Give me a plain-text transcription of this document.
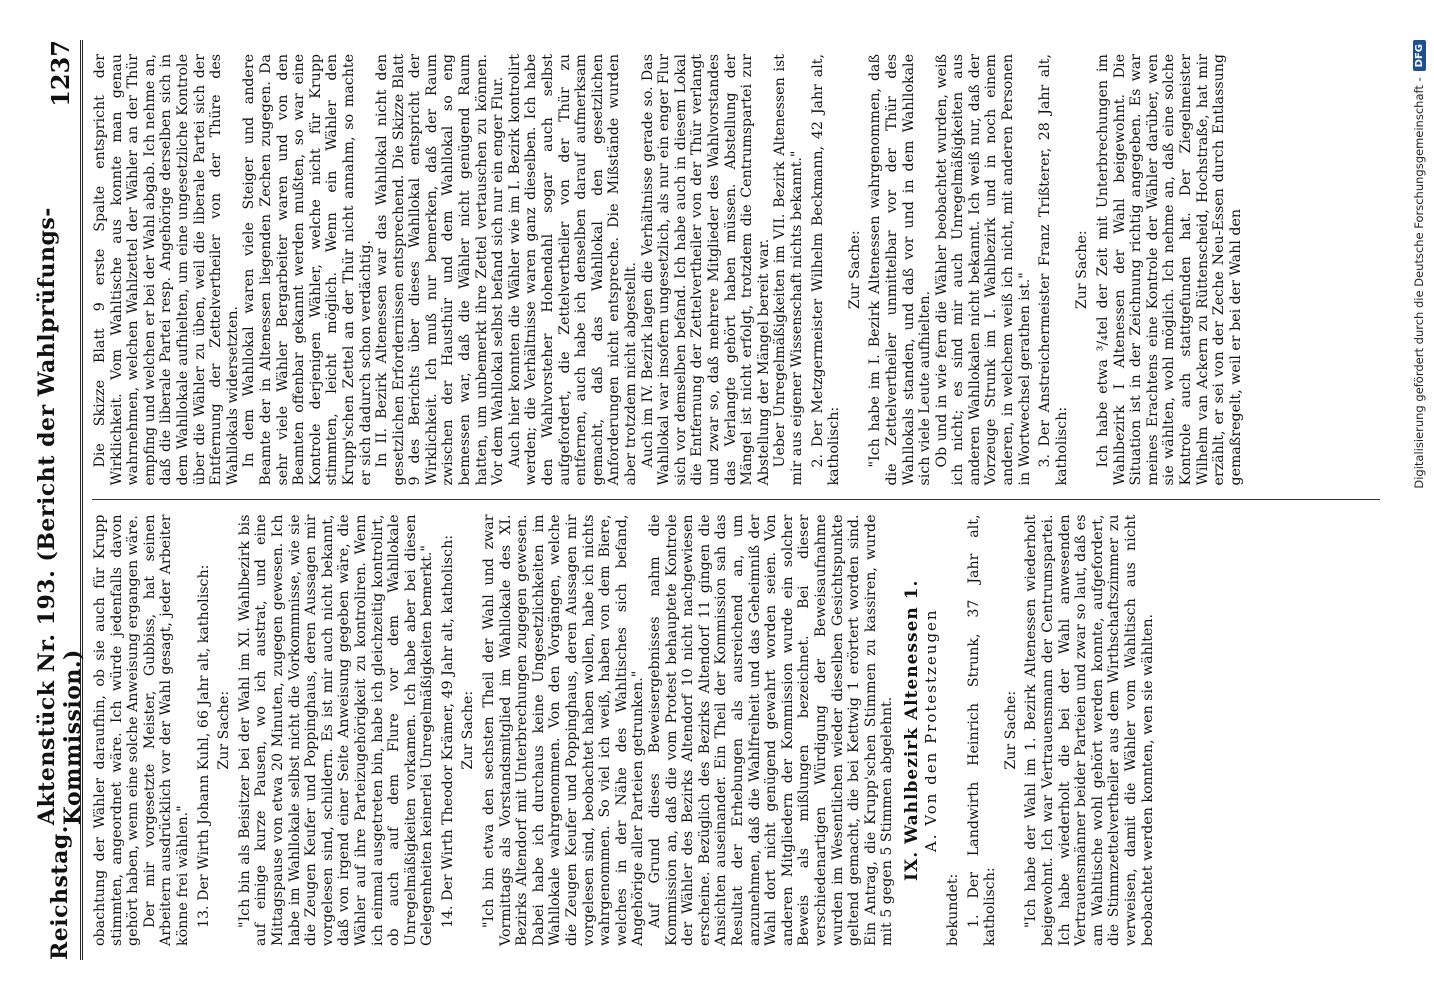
Reichstag.
Aktenstück Nr. 193. (Bericht der Wahlprüfungs-Kommission.)
1237

obachtung der Wähler daraufhin, ob sie auch für Krupp stimmten, angeordnet wäre. Ich würde jedenfalls davon gehört haben, wenn eine solche Anweisung ergangen wäre. Der mir vorgesetzte Meister, Gubbiss, hat seinen Arbeitern ausdrücklich vor der Wahl gesagt, jeder Arbeiter könne frei wählen." 13. Der Wirth Johann Kuhl, 66 Jahr alt, katholisch: Zur Sache: "Ich bin als Beisitzer bei der Wahl im XI. Wahlbezirk bis auf einige kurze Pausen, wo ich austrat, und eine Mittagspause von etwa 20 Minuten, zugegen gewesen. Ich habe im Wahllokale selbst nicht die Vorkommnisse, wie sie die Zeugen Keufer und Poppinghaus, deren Aussagen mir vorgelesen sind, schildern. Es ist mir auch nicht bekannt, daß von irgend einer Seite Anweisung gegeben wäre, die Wähler auf ihre Parteizugehörigkeit zu kontroliren. Wenn ich einmal ausgetreten bin, habe ich gleichzeitig kontrolirt, ob auch auf dem Flure vor dem Wahllokale Unregelmäßigkeiten vorkamen. Ich habe aber bei diesen Gelegenheiten keinerlei Unregelmäßigkeiten bemerkt." 14. Der Wirth Theodor Krämer, 49 Jahr alt, katholisch: Zur Sache: "Ich bin etwa den sechsten Theil der Wahl und zwar Vormittags als Vorstandsmitglied im Wahllokale des XI. Bezirks Altendorf mit Unterbrechungen zugegen gewesen. Dabei habe ich durchaus keine Ungesetzlichkeiten im Wahllokale wahrgenommen. Von den Vorgängen, welche die Zeugen Keufer und Poppinghaus, deren Aussagen mir vorgelesen sind, beobachtet haben wollen, habe ich nichts wahrgenommen. So viel ich weiß, haben von dem Biere, welches in der Nähe des Wahltisches sich befand, Angehörige aller Parteien getrunken." Auf Grund dieses Beweisergebnisses nahm die Kommission an, daß die vom Protest behauptete Kontrole der Wähler des Bezirks Altendorf 10 nicht nachgewiesen erscheine. Bezüglich des Bezirks Altendorf 11 gingen die Ansichten auseinander. Ein Theil der Kommission sah das Resultat der Erhebungen als ausreichend an, um anzunehmen, daß die Wahlfreiheit und das Geheimniß der Wahl dort nicht genügend gewahrt worden seien. Von anderen Mitgliedern der Kommission wurde ein solcher Beweis als mißlungen bezeichnet. Bei dieser verschiedenartigen Würdigung der Beweisaufnahme wurden im Wesentlichen wieder dieselben Gesichtspunkte geltend gemacht, die bei Kettwig 1 erörtert worden sind. Ein Antrag, die Krupp'schen Stimmen zu kassiren, wurde mit 5 gegen 5 Stimmen abgelehnt. IX. Wahlbezirk Altenessen 1. A. Von den Protestzeugen

bekundet: 1. Der Landwirth Heinrich Strunk, 37 Jahr alt, katholisch:

Zur Sache: "Ich habe der Wahl im 1. Bezirk Altenessen wiederholt beigewohnt. Ich war Vertrauensmann der Centrumspartei. Ich habe wiederholt die bei der Wahl anwesenden Vertrauensmänner beider Parteien und zwar so laut, daß es am Wahltische wohl gehört werden konnte, aufgefordert, die Stimmzettelvertheiler aus dem Wirthschaftszimmer zu verweisen, damit die Wähler vom Wahltisch aus nicht beobachtet werden konnten, wen sie wählten.

Die Skizze Blatt 9 erste Spalte entspricht der Wirklichkeit. Vom Wahltische aus konnte man genau wahrnehmen, welchen Wahlzettel der Wähler an der Thür empfing und welchen er bei der Wahl abgab. Ich nehme an, daß die liberale Partei resp. Angehörige derselben sich in dem Wahllokale aufhielten, um eine ungesetzliche Kontrole über die Wähler zu üben, weil die liberale Partei sich der Entfernung der Zettelvertheiler von der Thüre des Wahllokals widersetzten. In dem Wahllokal waren viele Steiger und andere Beamte der in Altenessen liegenden Zechen zugegen. Da sehr viele Wähler Bergarbeiter waren und von den Beamten offenbar gekannt werden mußten, so war eine Kontrole derjenigen Wähler, welche nicht für Krupp stimmten, leicht möglich. Wenn ein Wähler den Krupp'schen Zettel an der Thür nicht annahm, so machte er sich dadurch schon verdächtig. In II. Bezirk Altenessen war das Wahllokal nicht den gesetzlichen Erfordernissen entsprechend. Die Skizze Blatt 9 des Berichts über dieses Wahllokal entspricht der Wirklichkeit. Ich muß nur bemerken, daß der Raum zwischen der Hausthür und dem Wahllokal so eng bemessen war, daß die Wähler nicht genügend Raum hatten, um unbemerkt ihre Zettel vertauschen zu können. Vor dem Wahllokal selbst befand sich nur ein enger Flur. Auch hier konnten die Wähler wie im I. Bezirk kontrolirt werden; die Verhältnisse waren ganz dieselben. Ich habe den Wahlvorsteher Hohendahl sogar auch selbst aufgefordert, die Zettelvertheiler von der Thür zu entfernen, auch habe ich denselben darauf aufmerksam gemacht, daß das Wahllokal den gesetzlichen Anforderungen nicht entspreche. Die Mißstände wurden aber trotzdem nicht abgestellt. Auch im IV. Bezirk lagen die Verhältnisse gerade so. Das Wahllokal war insofern ungesetzlich, als nur ein enger Flur sich vor demselben befand. Ich habe auch in diesem Lokal die Entfernung der Zettelvertheiler von der Thür verlangt und zwar so, daß mehrere Mitglieder des Wahlvorstandes das Verlangte gehört haben müssen. Abstellung der Mängel ist nicht erfolgt, trotzdem die Centrumspartei zur Abstellung der Mängel bereit war. Ueber Unregelmäßigkeiten im VII. Bezirk Altenessen ist mir aus eigener Wissenschaft nichts bekannt." 2. Der Metzgermeister Wilhelm Beckmann, 42 Jahr alt, katholisch:

Zur Sache: "Ich habe im I. Bezirk Altenessen wahrgenommen, daß die Zettelvertheiler unmittelbar vor der Thür des Wahllokals standen, und daß vor und in dem Wahllokale sich viele Leute aufhielten. Ob und in wie fern die Wähler beobachtet wurden, weiß ich nicht; es sind mir auch Unregelmäßigkeiten aus anderen Wahllokalen nicht bekannt. Ich weiß nur, daß der Vorzeuge Strunk im I. Wahlbezirk und in noch einem anderen, in welchem weiß ich nicht, mit anderen Personen in Wortwechsel gerathen ist." 3. Der Anstreichermeister Franz Trißterer, 28 Jahr alt, katholisch:

Zur Sache: Ich habe etwa ³/₄tel der Zeit mit Unterbrechungen im Wahlbezirk I Altenessen der Wahl beigewohnt. Die Situation ist in der Zeichnung richtig angegeben. Es war meines Erachtens eine Kontrole der Wähler darüber, wen sie wählten, wohl möglich. Ich nehme an, daß eine solche Kontrole auch stattgefunden hat. Der Ziegelmeister Wilhelm van Ackern zu Rüttenscheid, Hochstraße, hat mir erzählt, er sei von der Zeche Neu-Essen durch Entlassung gemaßregelt, weil er bei der Wahl den	Digitalisierung gefördert durch die Deutsche Forschungsgemeinschaft -
DFG
